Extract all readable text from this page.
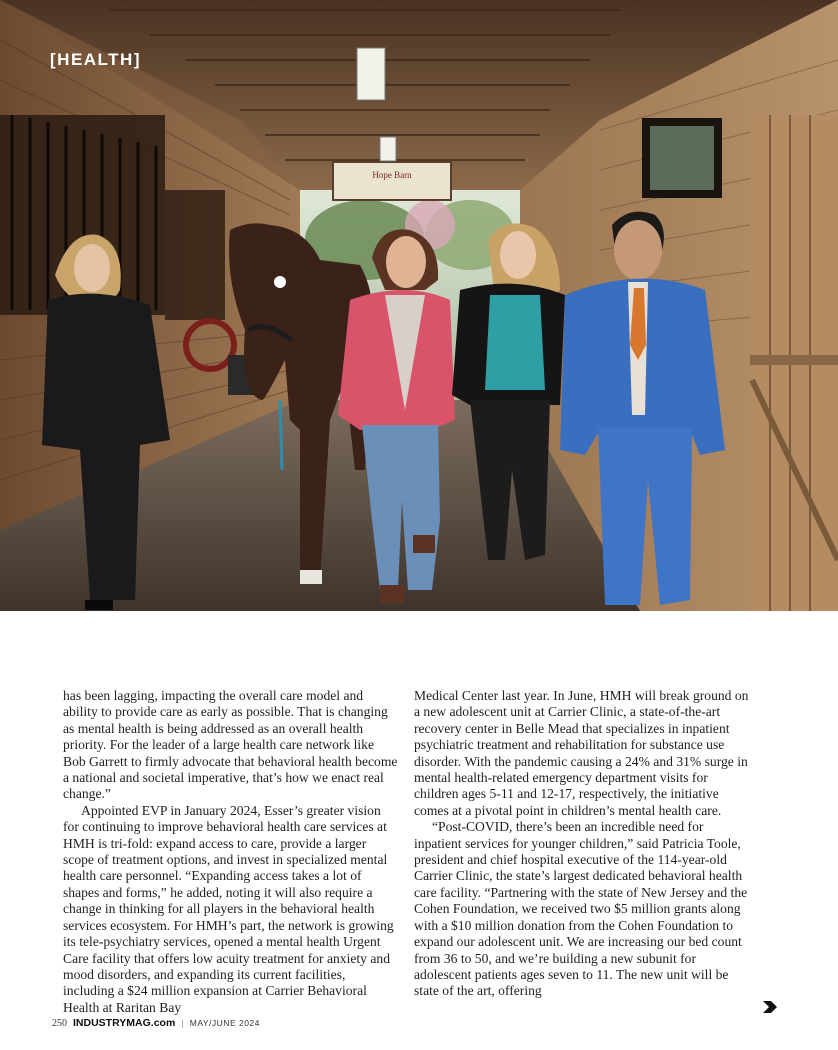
Hope Barn
[HEALTH]

has been lagging, impacting the overall care model and ability to provide care as early as possible. That is changing as mental health is being addressed as an overall health priority. For the leader of a large health care network like Bob Garrett to firmly advocate that behavioral health become a national and societal imperative, that’s how we enact real change.”

Appointed EVP in January 2024, Esser’s greater vision for continuing to improve behavioral health care services at HMH is tri-fold: expand access to care, provide a larger scope of treatment options, and invest in specialized mental health care personnel. “Expanding access takes a lot of shapes and forms,” he added, noting it will also require a change in thinking for all players in the behavioral health services ecosystem. For HMH’s part, the network is growing its tele-psychiatry services, opened a mental health Urgent Care facility that offers low acuity treatment for anxiety and mood disorders, and expanding its current facilities, including a $24 million expansion at Carrier Behavioral Health at Raritan Bay

Medical Center last year. In June, HMH will break ground on a new adolescent unit at Carrier Clinic, a state-of-the-art recovery center in Belle Mead that specializes in inpatient psychiatric treatment and rehabilitation for substance use disorder. With the pandemic causing a 24% and 31% surge in mental health-related emergency department visits for children ages 5-11 and 12-17, respectively, the initiative comes at a pivotal point in children’s mental health care.

“Post-COVID, there’s been an incredible need for inpatient services for younger children,” said Patricia Toole, president and chief hospital executive of the 114-year-old Carrier Clinic, the state’s largest dedicated behavioral health care facility. “Partnering with the state of New Jersey and the Cohen Foundation, we received two $5 million grants along with a $10 million donation from the Cohen Foundation to expand our adolescent unit. We are increasing our bed count from 36 to 50, and we’re building a new subunit for adolescent patients ages seven to 11. The new unit will be state of the art, offering

250 INDUSTRYMAG.com | MAY/JUNE 2024
